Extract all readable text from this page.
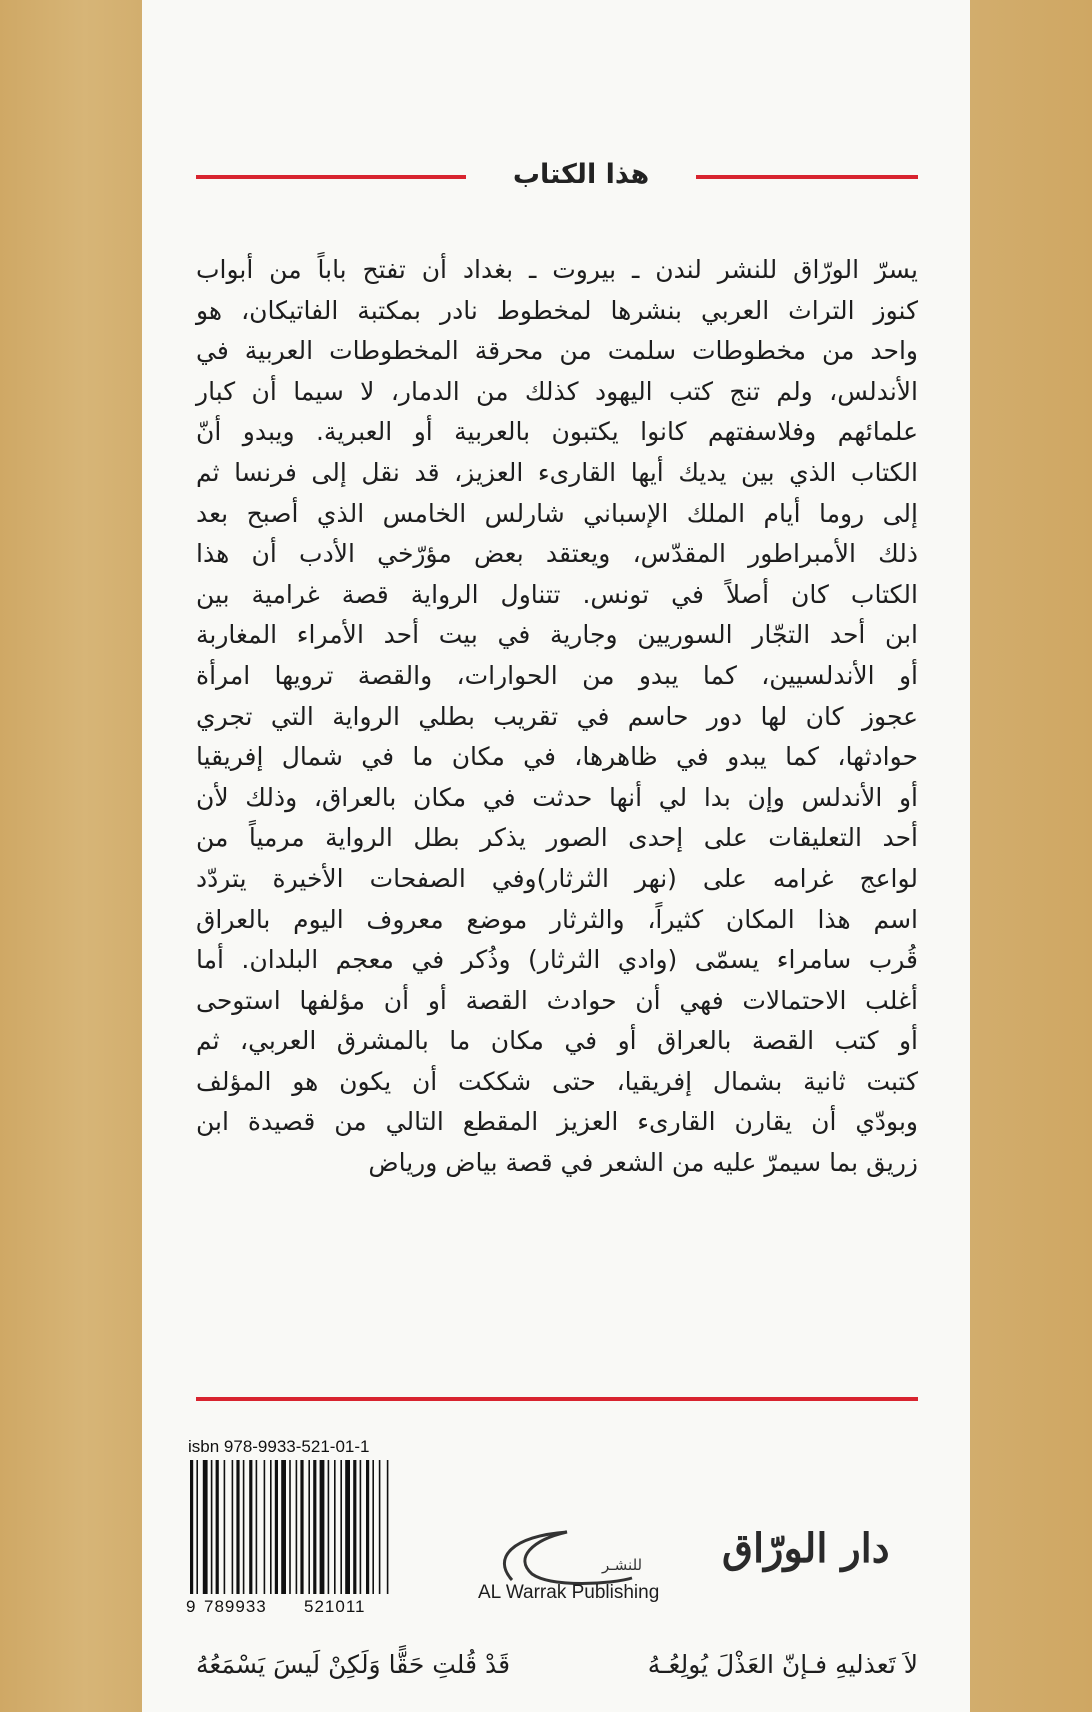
هذا الكتاب
يسرّ الورّاق للنشر لندن ـ بيروت ـ بغداد أن تفتح باباً من أبواب
كنوز التراث العربي بنشرها لمخطوط نادر بمكتبة الفاتيكان، هو
واحد من مخطوطات سلمت من محرقة المخطوطات العربية في
الأندلس، ولم تنج كتب اليهود كذلك من الدمار، لا سيما أن كبار
علمائهم وفلاسفتهم كانوا يكتبون بالعربية أو العبرية. ويبدو أنّ
الكتاب الذي بين يديك أيها القارىء العزيز، قد نقل إلى فرنسا ثم
إلى روما أيام الملك الإسباني شارلس الخامس الذي أصبح بعد
ذلك الأمبراطور المقدّس، ويعتقد بعض مؤرّخي الأدب أن هذا
الكتاب كان أصلاً في تونس. تتناول الرواية قصة غرامية بين
ابن أحد التجّار السوريين وجارية في بيت أحد الأمراء المغاربة
أو الأندلسيين، كما يبدو من الحوارات، والقصة ترويها امرأة
عجوز كان لها دور حاسم في تقريب بطلي الرواية التي تجري
حوادثها، كما يبدو في ظاهرها، في مكان ما في شمال إفريقيا
أو الأندلس وإن بدا لي أنها حدثت في مكان بالعراق، وذلك لأن
أحد التعليقات على إحدى الصور يذكر بطل الرواية مرمياً من
لواعج غرامه على (نهر الثرثار)وفي الصفحات الأخيرة يتردّد
اسم هذا المكان كثيراً، والثرثار موضع معروف اليوم بالعراق
قُرب سامراء يسمّى (وادي الثرثار) وذُكر في معجم البلدان. أما
أغلب الاحتمالات فهي أن حوادث القصة أو أن مؤلفها استوحى
أو كتب القصة بالعراق أو في مكان ما بالمشرق العربي، ثم
كتبت ثانية بشمال إفريقيا، حتى شككت أن يكون هو المؤلف
وبودّي أن يقارن القارىء العزيز المقطع التالي من قصيدة ابن
زريق بما سيمرّ عليه من الشعر في قصة بياض ورياض
لاَ تَعذليهِ فـإنّ العَذْلَ يُولِعُـهُ
قَدْ قُلتِ حَقًّا وَلَكِنْ لَيسَ يَسْمَعُهُ
isbn 978-9933-521-01-1
9 789933 521011
دار الورّاق
للنشـر
AL Warrak Publishing
